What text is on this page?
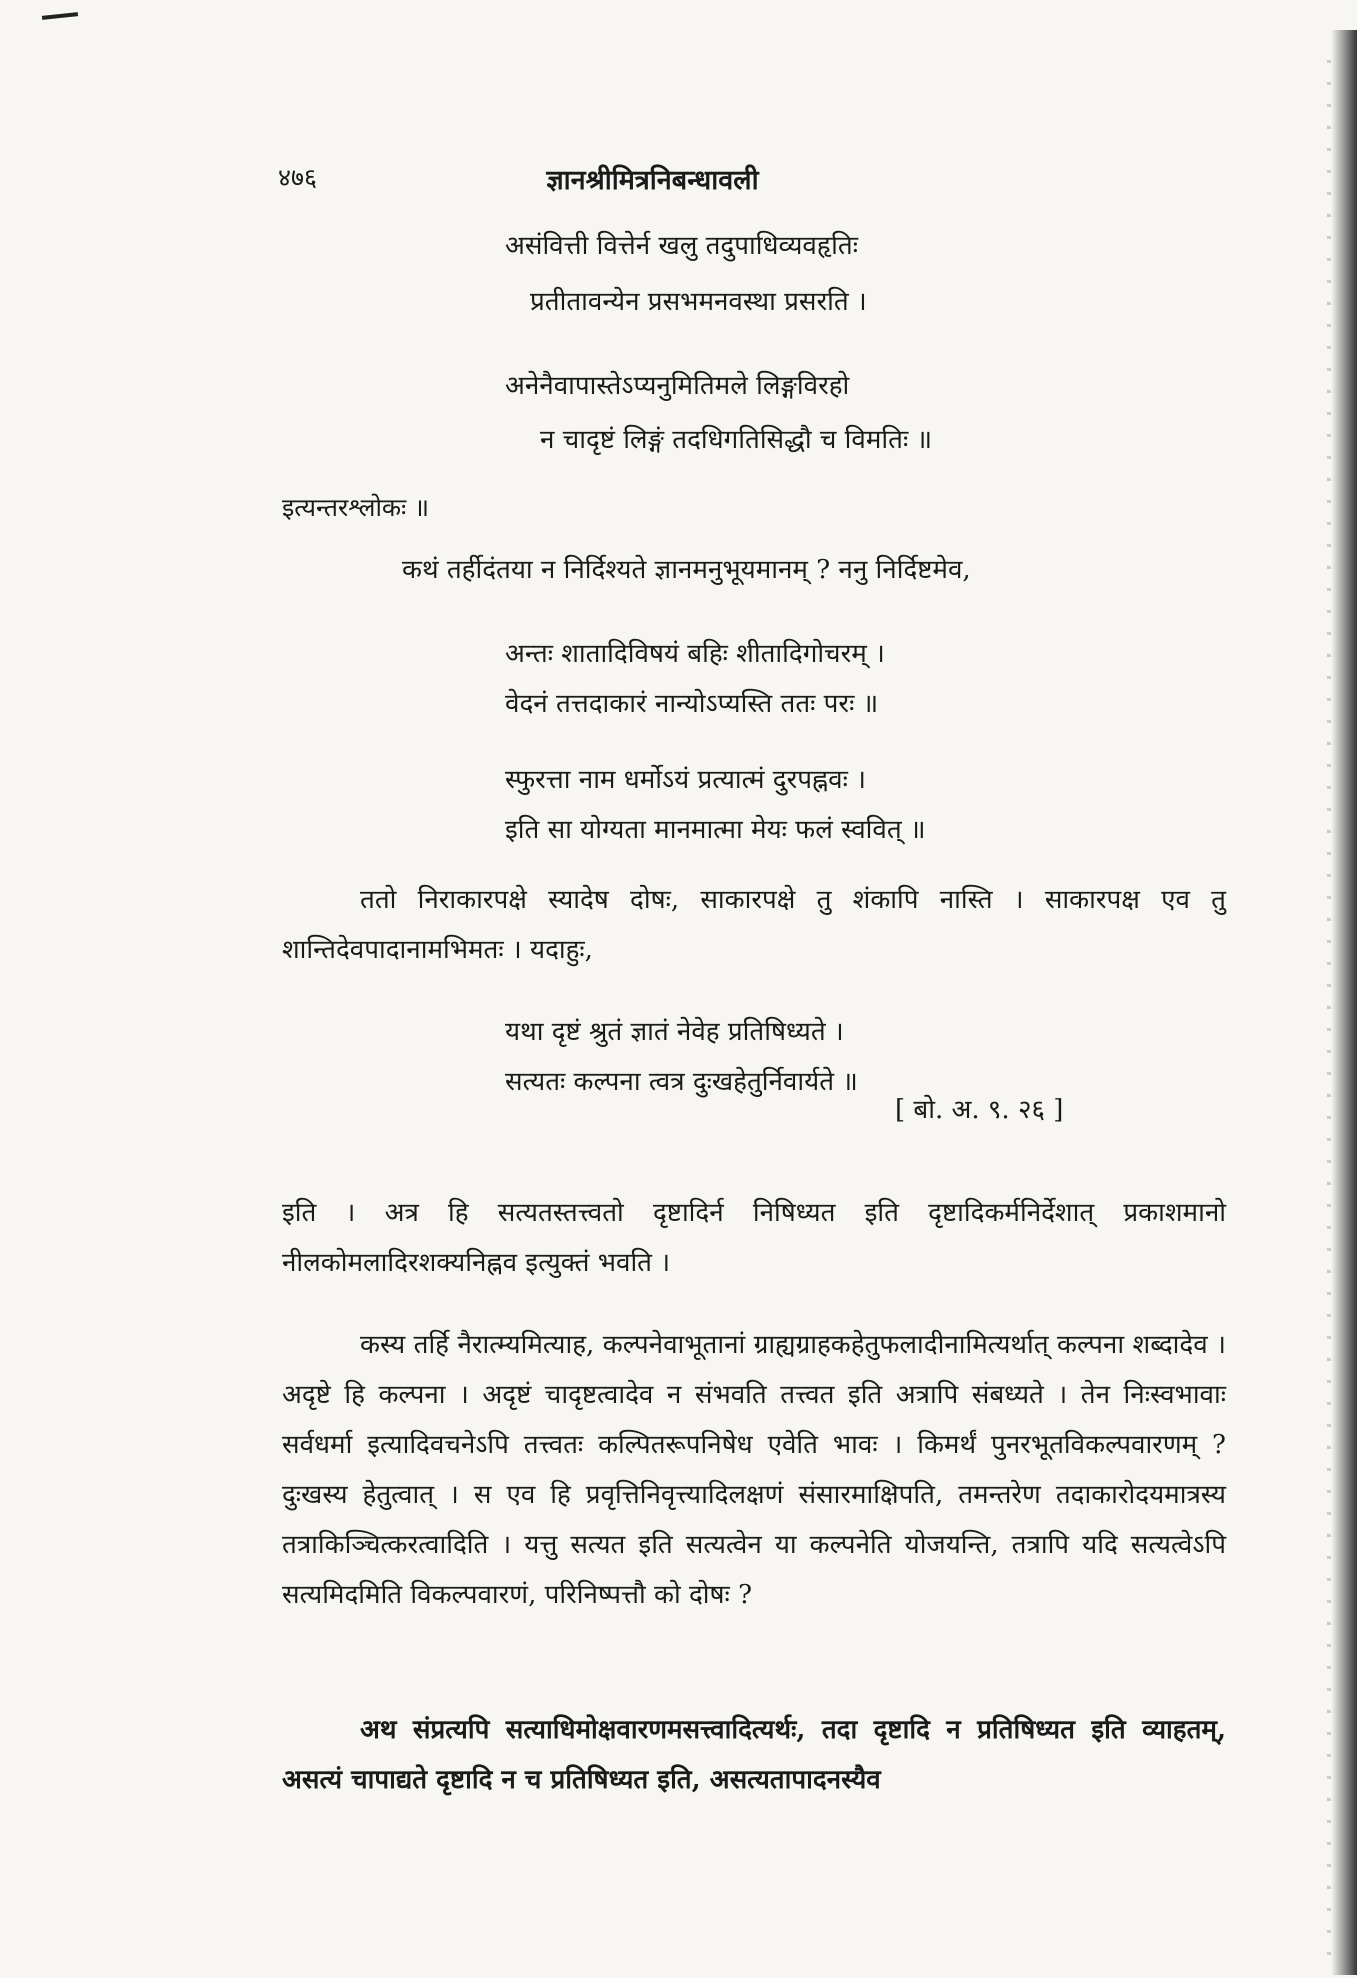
४७६	ज्ञानश्रीमित्रनिबन्धावली
असंवित्ती वित्तेर्न खलु तदुपाधिव्यवहृतिः
प्रतीतावन्येन प्रसभमनवस्था प्रसरति ।
अनेनैवापास्तेऽप्यनुमितिमले लिङ्गविरहो
न चादृष्टं लिङ्गं तदधिगतिसिद्धौ च विमतिः ॥
इत्यन्तरश्लोकः ॥
कथं तर्हीदंतया न निर्दिश्यते ज्ञानमनुभूयमानम् ? ननु निर्दिष्टमेव,
अन्तः शातादिविषयं बहिः शीतादिगोचरम् ।
वेदनं तत्तदाकारं नान्योऽप्यस्ति ततः परः ॥
स्फुरत्ता नाम धर्मोऽयं प्रत्यात्मं दुरपह्नवः ।
इति सा योग्यता मानमात्मा मेयः फलं स्ववित् ॥
ततो निराकारपक्षे स्यादेष दोषः, साकारपक्षे तु शंकापि नास्ति । साकारपक्ष एव तु शान्तिदेवपादानामभिमतः । यदाहुः,
यथा दृष्टं श्रुतं ज्ञातं नेवेह प्रतिषिध्यते ।
सत्यतः कल्पना त्वत्र दुःखहेतुर्निवार्यते ॥
[ बो. अ. ९. २६ ]
इति । अत्र हि सत्यतस्तत्त्वतो दृष्टादिर्न निषिध्यत इति दृष्टादिकर्मनिर्देशात् प्रकाशमानो नीलकोमलादिरशक्यनिह्नव इत्युक्तं भवति ।
कस्य तर्हि नैरात्म्यमित्याह, कल्पनेवाभूतानां ग्राह्यग्राहकहेतुफलादीनामित्यर्थात् कल्पना शब्दादेव । अदृष्टे हि कल्पना । अदृष्टं चादृष्टत्वादेव न संभवति तत्त्वत इति अत्रापि संबध्यते । तेन निःस्वभावाः सर्वधर्मा इत्यादिवचनेऽपि तत्त्वतः कल्पितरूपनिषेध एवेति भावः । किमर्थं पुनरभूतविकल्पवारणम् ? दुःखस्य हेतुत्वात् । स एव हि प्रवृत्तिनिवृत्त्यादिलक्षणं संसारमाक्षिपति, तमन्तरेण तदाकारोदयमात्रस्य तत्राकिञ्चित्करत्वादिति । यत्तु सत्यत इति सत्यत्वेन या कल्पनेति योजयन्ति, तत्रापि यदि सत्यत्वेऽपि सत्यमिदमिति विकल्पवारणं, परिनिष्पत्तौ को दोषः ?
अथ संप्रत्यपि सत्याधिमोक्षवारणमसत्त्वादित्यर्थः, तदा दृष्टादि न प्रतिषिध्यत इति व्याहतम्, असत्यं चापाद्यते दृष्टादि न च प्रतिषिध्यत इति, असत्यतापादनस्यैव
